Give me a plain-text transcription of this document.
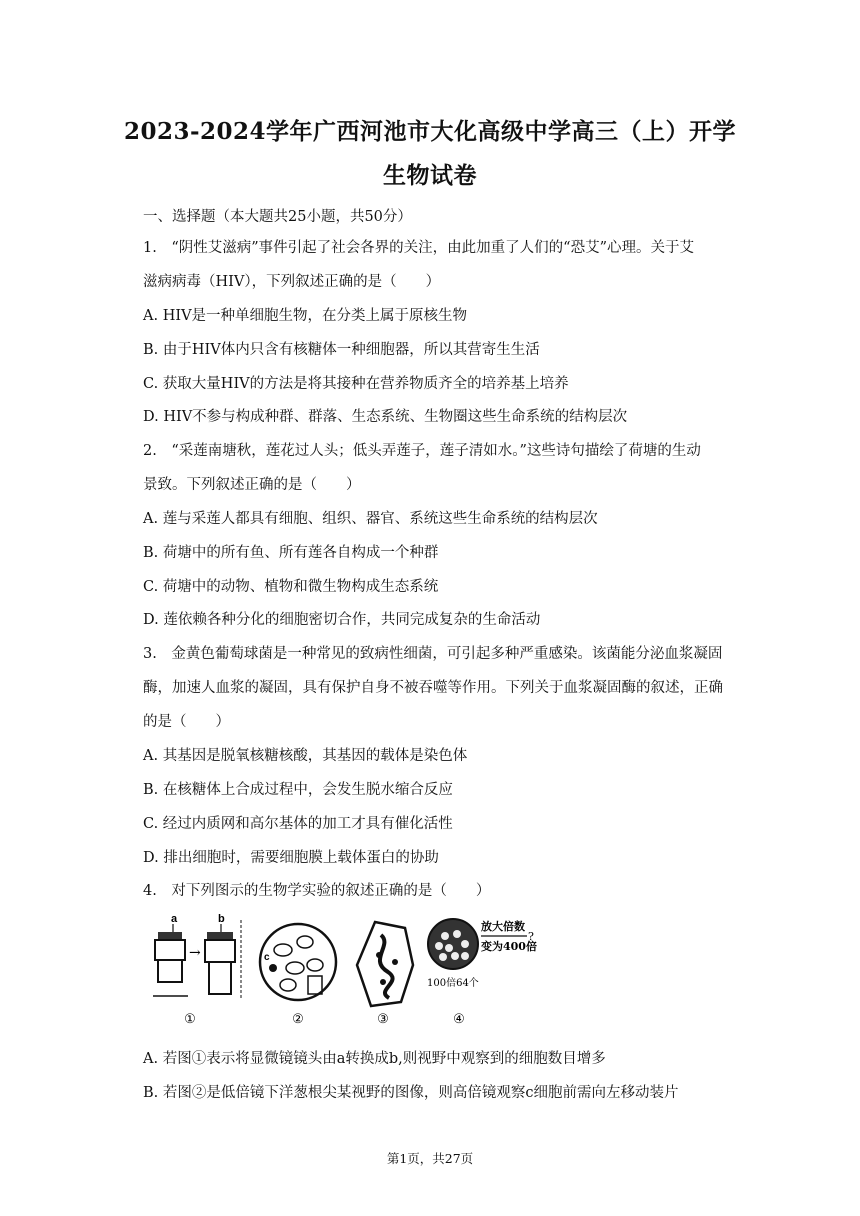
2023-2024学年广西河池市大化高级中学高三（上）开学
生物试卷
一、选择题（本大题共25小题，共50分）
1.　“阴性艾滋病”事件引起了社会各界的关注，由此加重了人们的“恐艾”心理。关于艾
滋病病毒（HIV），下列叙述正确的是（　　）
A. HIV是一种单细胞生物，在分类上属于原核生物
B. 由于HIV体内只含有核糖体一种细胞器，所以其营寄生生活
C. 获取大量HIV的方法是将其接种在营养物质齐全的培养基上培养
D. HIV不参与构成种群、群落、生态系统、生物圈这些生命系统的结构层次
2.　“采莲南塘秋，莲花过人头；低头弄莲子，莲子清如水。”这些诗句描绘了荷塘的生动
景致。下列叙述正确的是（　　）
A. 莲与采莲人都具有细胞、组织、器官、系统这些生命系统的结构层次
B. 荷塘中的所有鱼、所有莲各自构成一个种群
C. 荷塘中的动物、植物和微生物构成生态系统
D. 莲依赖各种分化的细胞密切合作，共同完成复杂的生命活动
3.　金黄色葡萄球菌是一种常见的致病性细菌，可引起多种严重感染。该菌能分泌血浆凝固
酶，加速人血浆的凝固，具有保护自身不被吞噬等作用。下列关于血浆凝固酶的叙述，正确
的是（　　）
A. 其基因是脱氧核糖核酸，其基因的载体是染色体
B. 在核糖体上合成过程中，会发生脱水缩合反应
C. 经过内质网和高尔基体的加工才具有催化活性
D. 排出细胞时，需要细胞膜上载体蛋白的协助
4.　对下列图示的生物学实验的叙述正确的是（　　）
a
→
b
①
c
②	③
放大倍数
?
变为400倍
100倍64个
④
A. 若图①表示将显微镜镜头由a转换成b,则视野中观察到的细胞数目增多
B. 若图②是低倍镜下洋葱根尖某视野的图像，则高倍镜观察c细胞前需向左移动装片
第1页，共27页
